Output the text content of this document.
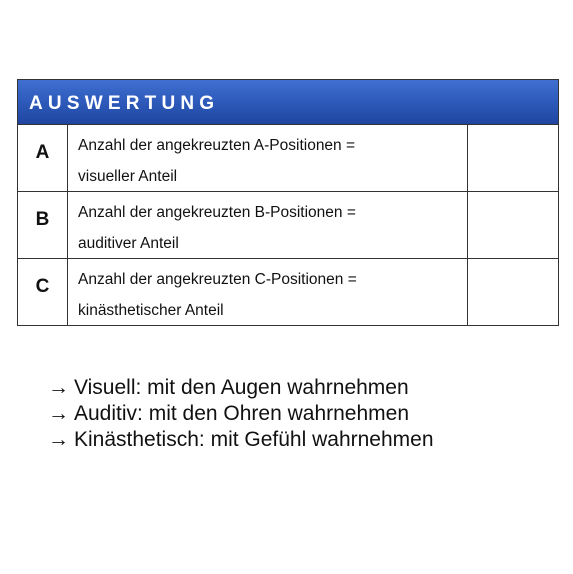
AUSWERTUNG
A	Anzahl der angekreuzten A-Positionen =
visueller Anteil
B	Anzahl der angekreuzten B-Positionen =
auditiver Anteil
C	Anzahl der angekreuzten C-Positionen =
kinästhetischer Anteil
→ Visuell: mit den Augen wahrnehmen
→ Auditiv: mit den Ohren wahrnehmen
→ Kinästhetisch: mit Gefühl wahrnehmen
